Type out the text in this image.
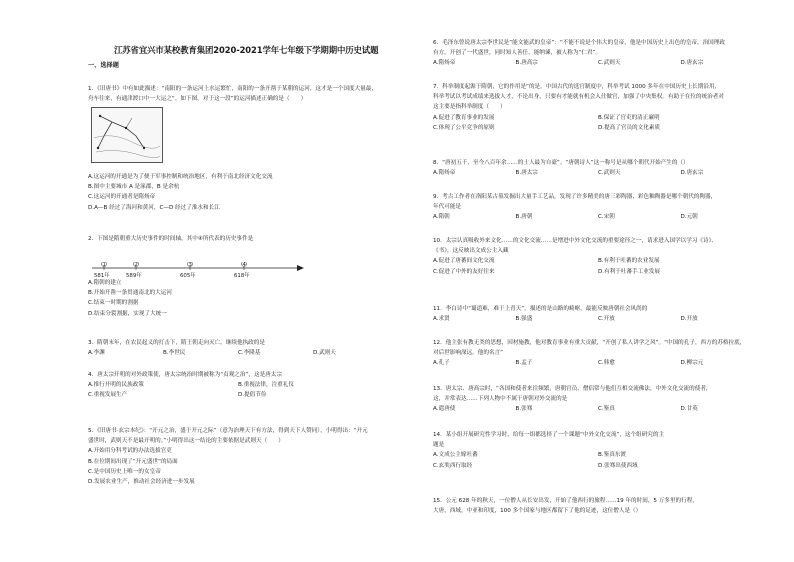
江苏省宜兴市某校教育集团2020-2021学年七年级下学期期中历史试题
一、选择题

1．《旧唐书》中有如此描述：“南阳的一条运河上水运繁忙，南阳的一条开凿于某朝的运河，这才是一个国度大量最，

舟车往来，有通津渡口中一大运之“。如下图，对于这一段”的运河描述正确的是（　　）

A.这运河的开通是为了便于军事控制和统治地区，有利于南北经济文化交流

B.图中主要城市 A 是涿郡，B 是余杭

C.这运河的开通者是隋炀帝

D.A—B 经过了海河和黄河，C—D 经过了淮水和长江

2．下图是隋朝重大历史事件的时间轴，其中④所代表的历史事件是

1	2	3	4
581年	589年	605年	618年

A.隋朝的建立

B.开始开凿一条贯通南北的大运河

C.结束一时期的割据

D.结束分裂割据，实现了大统一

3．隋朝末年，在农民起义的打击下，隋王朝走向灭亡。继续他执政的是

A.李渊	B.李世民	C.李隆基	D.武则天

4．唐太宗开明的对外政策使，唐太宗统治时期被称为“贞观之治”，这是唐太宗

A.推行开明的民族政策	B.重视法律，注重礼仪
C.重视发展生产	D.提倡节俭

5．《旧唐书·玄宗本纪》：“开元之治，盛于开元之际”（意为治理天下有方法，得到天下人赞同），小明得出：“开元

盛世时，武则天不是最开明的。”小明得出这一结论的主要依据是武则天（　　）

A.开始用分科考试的办法选拔官吏

B.在位期间出现了“开元盛世”的局面

C.是中国历史上唯一的女皇帝

D.发展农业生产，推动社会经济进一步发展

6．毛泽东曾说唐太宗李世民是“能文能武的皇帝”：“不能不说是个伟大的皇帝，他是中国历史上出色的皇帝，治国理政

有方。开创了一代盛世，同时知人善任，能纳谏，被人称为“仁君”。

A.隋炀帝	B.唐高宗	C.武则天	D.唐玄宗

7．科举制度起源于隋朝，它的作用是”的是。中国古代的选官制度中，科举考试 1000 多年在中国历史上长期沿用，

科举考试以考试成绩来选拔人才，不论出身，只要有才能就有机会入仕做官，加强了中央集权。有助于在位的统治者对

这主要是指科举制度（　　）

A.促进了教育事业的发展	B.保证了官吏的清正廉明
C.体现了公平竞争的原则	D.提高了官员的文化素质

8．“唐初五千，至今八百年余……的士人最为自豪”。“唐朝诗人”这一称号是从哪个朝代开始产生的（）

A.隋炀帝	B.唐太宗	C.武则天	D.唐玄宗

9．考古工作者在洛阳某古墓发掘出大量手工艺品，发现了许多精美的唐三彩陶器，彩色釉陶器是哪个朝代的陶器，

年代可能是

A.隋朝	B.唐朝	C.宋朝	D.元朝

10．太宗认真吸收外来文化……的文化交流……是增进中外文化交流的重要途径之一，请求进入国学以学习《诗》、

《书》，这反映出文成公主入藏

A.促进了唐蕃间文化交流	B.有利于吐蕃的农业发展
C.促进了中外的友好往来	D.有利于吐蕃手工业发展

11．李白诗中“蜀道难，难于上青天”，描述的是山路的崎岖，最能反映唐朝社会风尚的

A.求贤	B.强盛	C.开放	D.开放

12．他主张有教无类的思想，因材施教，他对教育事业有重大贡献，“开创了私人讲学之风”。“中国的孔子，西方的苏格拉底，

对后世影响深远。他的名言”

A.孔子	B.孟子	C.韩愈	D.柳宗元

13．唐太宗、唐高宗时，“各国和使者来往频繁，唐朝官员、僧侣常与他们互相交流佛法，中外文化交流的使者，

这，并常表达……下列人物中不属于唐朝对外交流的是

A.遣唐使	B.张骞	C.鉴真	D.甘英

14．某小组开展研究性学习时，给每一组都选择了一个课题“中外文化交流”，这个组研究的主

题是

A.文成公主嫁吐蕃	B.鉴真东渡
C.玄奘西行取经	D.张骞出使西域

15．公元 628 年的秋天，一位僧人从长安出发，开始了他西行的旅程……19 年的时间，5 万多里的行程，

大唐，西域，中亚和印度，100 多个国家与地区都留下了他的足迹，这位僧人是（）
